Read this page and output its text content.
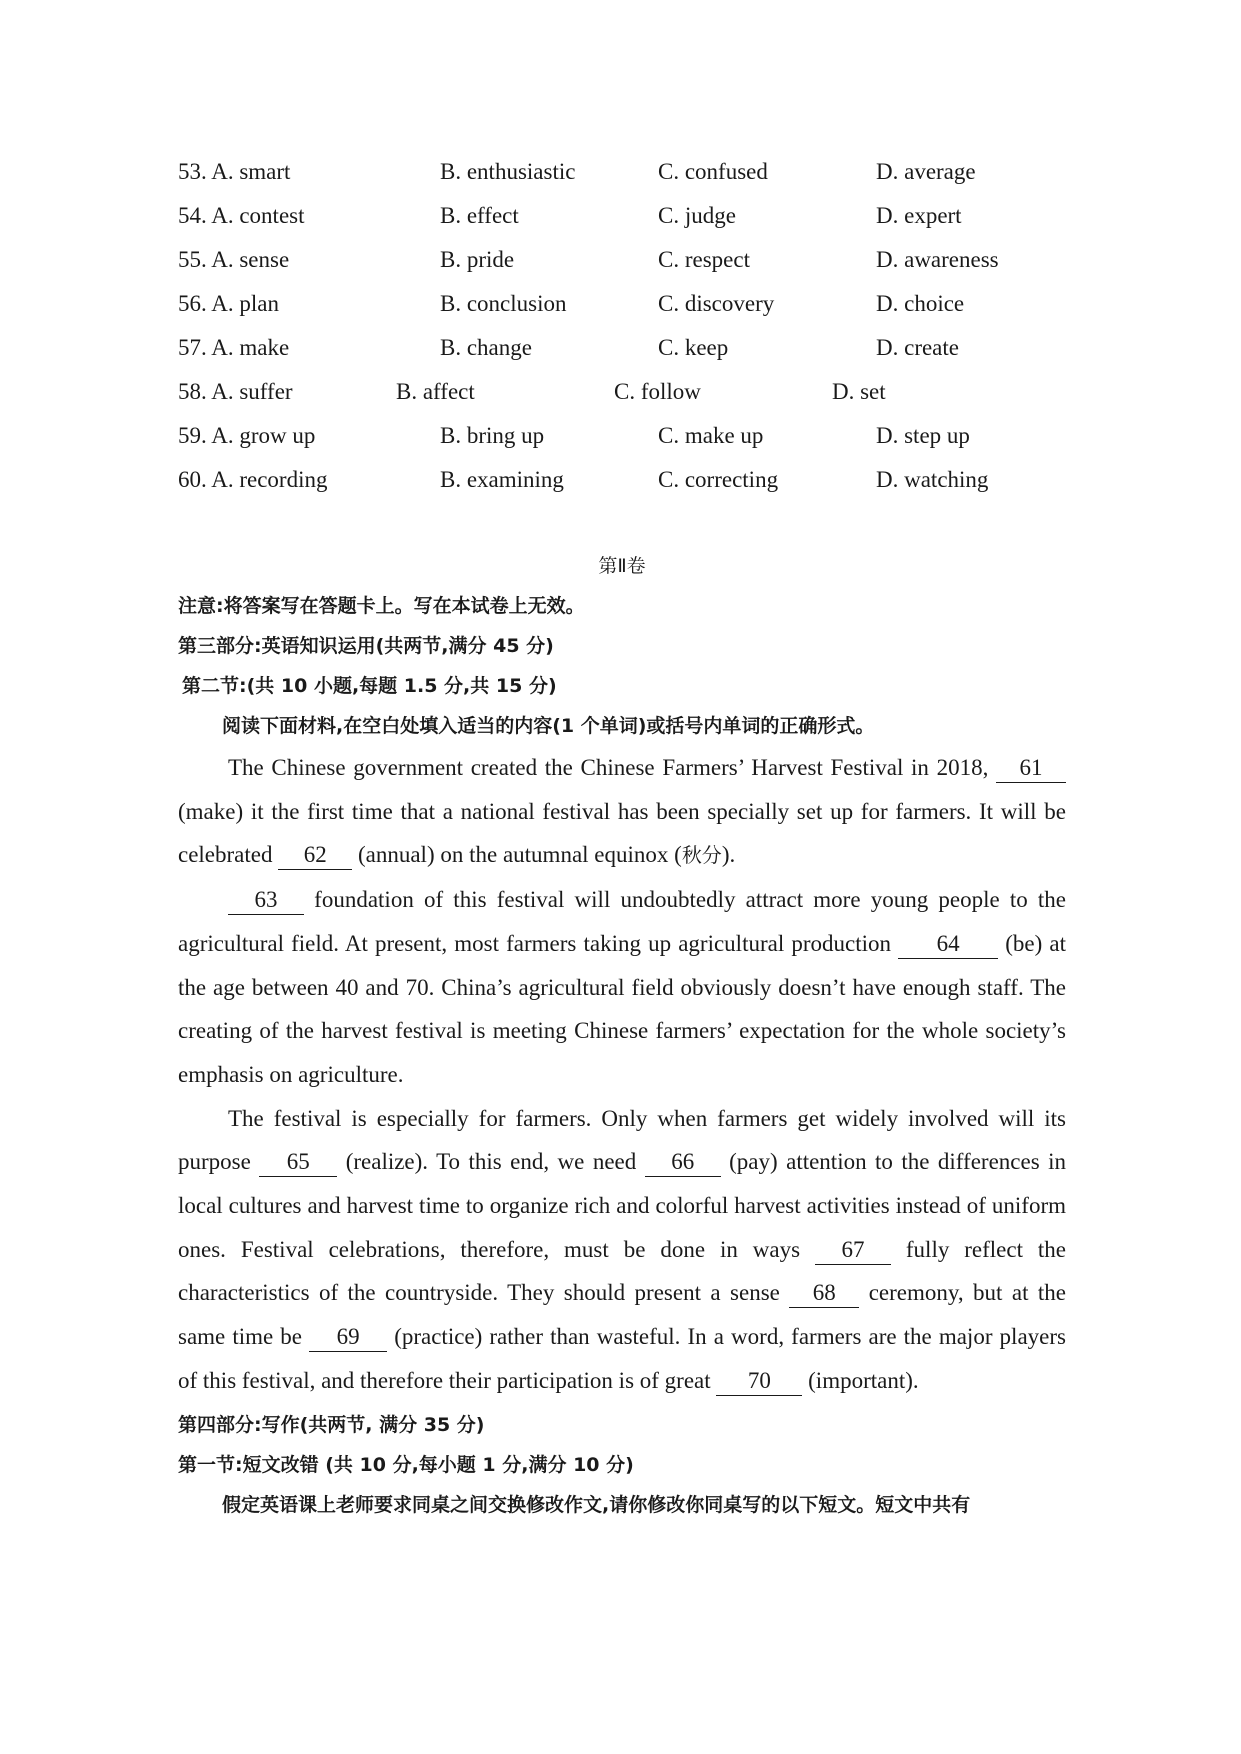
53. A. smart	B. enthusiastic	C. confused	D. average
54. A. contest	B. effect	C. judge	D. expert
55. A. sense	B. pride	C. respect	D. awareness
56. A. plan	B. conclusion	C. discovery	D. choice
57. A. make	B. change	C. keep	D. create
58. A. suffer	B. affect	C. follow	D. set
59. A. grow up	B. bring up	C. make up	D. step up
60. A. recording	B. examining	C. correcting	D. watching
第Ⅱ卷
注意:将答案写在答题卡上。写在本试卷上无效。
第三部分:英语知识运用(共两节,满分 45 分)
第二节:(共 10 小题,每题 1.5 分,共 15 分)
阅读下面材料,在空白处填入适当的内容(1 个单词)或括号内单词的正确形式。
The Chinese government created the Chinese Farmers’ Harvest Festival in 2018, 61 (make) it the first time that a national festival has been specially set up for farmers. It will be celebrated 62 (annual) on the autumnal equinox (秋分).
63 foundation of this festival will undoubtedly attract more young people to the agricultural field. At present, most farmers taking up agricultural production 64 (be) at the age between 40 and 70. China’s agricultural field obviously doesn’t have enough staff. The creating of the harvest festival is meeting Chinese farmers’ expectation for the whole society’s emphasis on agriculture.
The festival is especially for farmers. Only when farmers get widely involved will its purpose 65 (realize). To this end, we need 66 (pay) attention to the differences in local cultures and harvest time to organize rich and colorful harvest activities instead of uniform ones. Festival celebrations, therefore, must be done in ways 67 fully reflect the characteristics of the countryside. They should present a sense 68 ceremony, but at the same time be 69 (practice) rather than wasteful. In a word, farmers are the major players of this festival, and therefore their participation is of great 70 (important).
第四部分:写作(共两节, 满分 35 分)
第一节:短文改错 (共 10 分,每小题 1 分,满分 10 分)
假定英语课上老师要求同桌之间交换修改作文,请你修改你同桌写的以下短文。短文中共有
